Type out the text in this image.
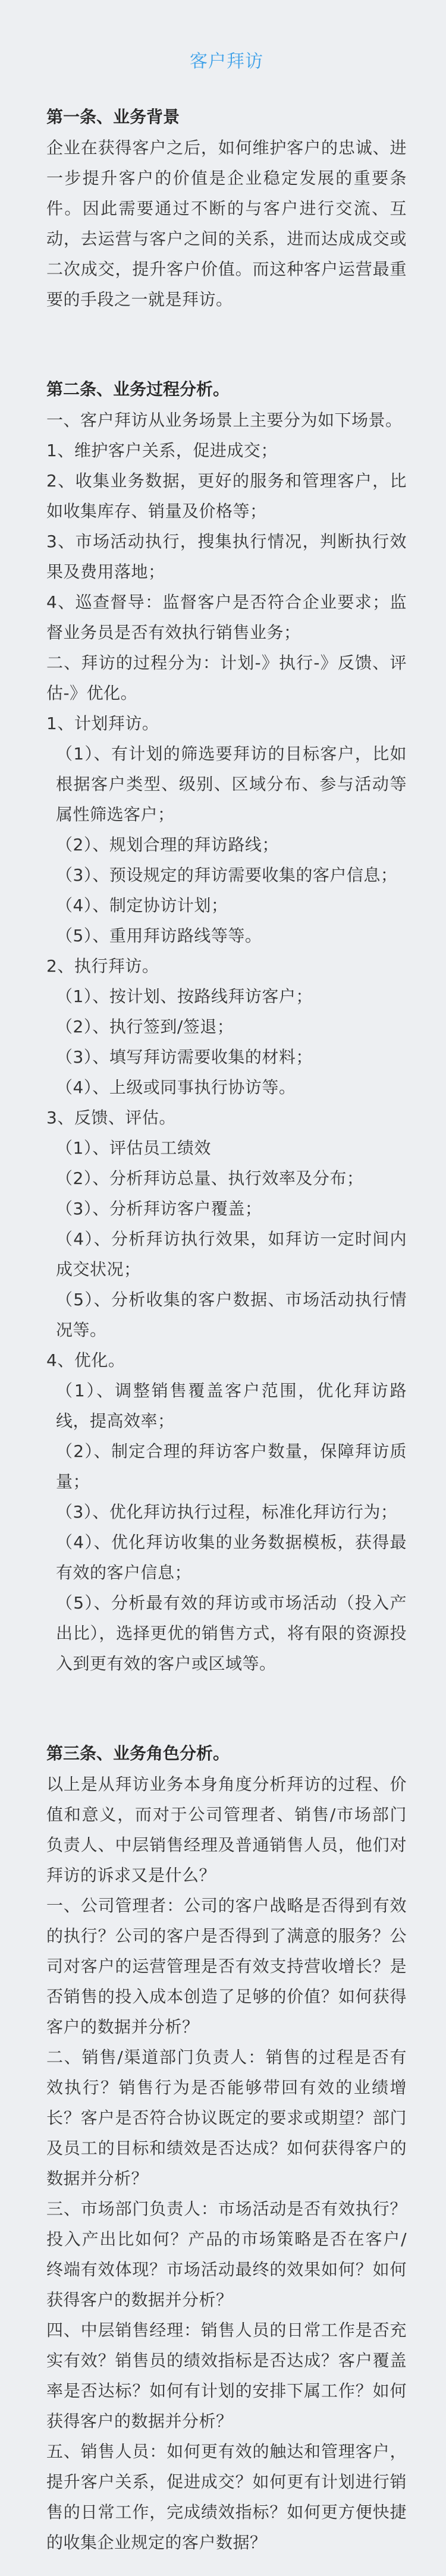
客户拜访
第一条、业务背景

企业在获得客户之后，如何维护客户的忠诚、进一步提升客户的价值是企业稳定发展的重要条件。因此需要通过不断的与客户进行交流、互动，去运营与客户之间的关系，进而达成成交或二次成交，提升客户价值。而这种客户运营最重要的手段之一就是拜访。

第二条、业务过程分析。

一、客户拜访从业务场景上主要分为如下场景。

1、维护客户关系，促进成交；

2、收集业务数据，更好的服务和管理客户，比如收集库存、销量及价格等；

3、市场活动执行，搜集执行情况，判断执行效果及费用落地；

4、巡查督导：监督客户是否符合企业要求；监督业务员是否有效执行销售业务；

二、拜访的过程分为：计划-》执行-》反馈、评估-》优化。

1、计划拜访。

（1）、有计划的筛选要拜访的目标客户，比如根据客户类型、级别、区域分布、参与活动等属性筛选客户；

（2）、规划合理的拜访路线；

（3）、预设规定的拜访需要收集的客户信息；

（4）、制定协访计划；

（5）、重用拜访路线等等。

2、执行拜访。

（1）、按计划、按路线拜访客户；

（2）、执行签到/签退；

（3）、填写拜访需要收集的材料；

（4）、上级或同事执行协访等。

3、反馈、评估。

（1）、评估员工绩效

（2）、分析拜访总量、执行效率及分布；

（3）、分析拜访客户覆盖；

（4）、分析拜访执行效果，如拜访一定时间内成交状况；

（5）、分析收集的客户数据、市场活动执行情况等。

4、优化。

（1）、调整销售覆盖客户范围，优化拜访路线，提高效率；

（2）、制定合理的拜访客户数量，保障拜访质量；

（3）、优化拜访执行过程，标准化拜访行为；

（4）、优化拜访收集的业务数据模板，获得最有效的客户信息；

（5）、分析最有效的拜访或市场活动（投入产出比），选择更优的销售方式，将有限的资源投入到更有效的客户或区域等。

第三条、业务角色分析。

以上是从拜访业务本身角度分析拜访的过程、价值和意义，而对于公司管理者、销售/市场部门负责人、中层销售经理及普通销售人员，他们对拜访的诉求又是什么？

一、公司管理者：公司的客户战略是否得到有效的执行？公司的客户是否得到了满意的服务？公司对客户的运营管理是否有效支持营收增长？是否销售的投入成本创造了足够的价值？如何获得客户的数据并分析？

二、销售/渠道部门负责人：销售的过程是否有效执行？销售行为是否能够带回有效的业绩增长？客户是否符合协议既定的要求或期望？部门及员工的目标和绩效是否达成？如何获得客户的数据并分析？

三、市场部门负责人：市场活动是否有效执行？投入产出比如何？产品的市场策略是否在客户/终端有效体现？市场活动最终的效果如何？如何获得客户的数据并分析？

四、中层销售经理：销售人员的日常工作是否充实有效？销售员的绩效指标是否达成？客户覆盖率是否达标？如何有计划的安排下属工作？如何获得客户的数据并分析？

五、销售人员：如何更有效的触达和管理客户，提升客户关系，促进成交？如何更有计划进行销售的日常工作，完成绩效指标？如何更方便快捷的收集企业规定的客户数据？
